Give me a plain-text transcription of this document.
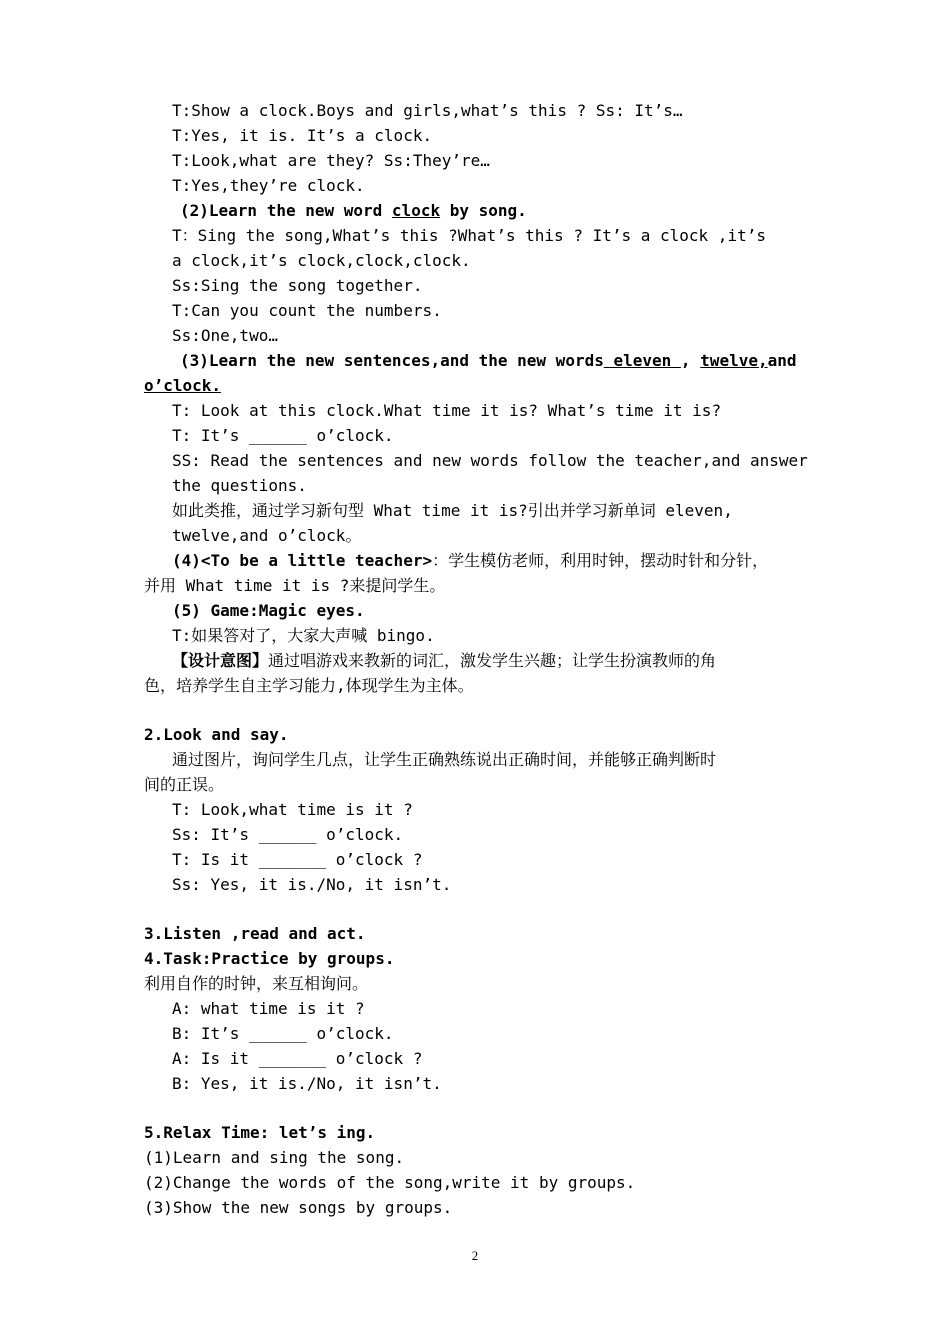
T:Show a clock.Boys and girls,what’s this ? Ss: It’s…
T:Yes, it is. It’s a clock.
T:Look,what are they? Ss:They’re…
T:Yes,they’re clock.
(2)Learn the new word clock by song.
T：Sing the song,What’s this ?What’s this ? It’s a clock ,it’s
a clock,it’s clock,clock,clock.
Ss:Sing the song together.
T:Can you count the numbers.
Ss:One,two…
(3)Learn the new sentences,and the new words eleven , twelve,and
o’clock.
T: Look at this clock.What time it is? What’s time it is?
T: It’s ______ o’clock.
SS: Read the sentences and new words follow the teacher,and answer
the questions.
如此类推，通过学习新句型 What time it is?引出并学习新单词 eleven,
twelve,and o’clock。
(4)<To be a little teacher>：学生模仿老师，利用时钟，摆动时针和分针，
并用 What time it is ?来提问学生。
(5) Game:Magic eyes.
T:如果答对了，大家大声喊 bingo.
【设计意图】通过唱游戏来教新的词汇，激发学生兴趣；让学生扮演教师的角
色，培养学生自主学习能力,体现学生为主体。
2.Look and say.
通过图片，询问学生几点，让学生正确熟练说出正确时间，并能够正确判断时
间的正误。
T: Look,what time is it ?
Ss: It’s ______ o’clock.
T: Is it _______ o’clock ?
Ss: Yes, it is./No, it isn’t.
3.Listen ,read and act.
4.Task:Practice by groups.
利用自作的时钟，来互相询问。
A: what time is it ?
B: It’s ______ o’clock.
A: Is it _______ o’clock ?
B: Yes, it is./No, it isn’t.
5.Relax Time: let’s ing.
(1)Learn and sing the song.
(2)Change the words of the song,write it by groups.
(3)Show the new songs by groups.
2
